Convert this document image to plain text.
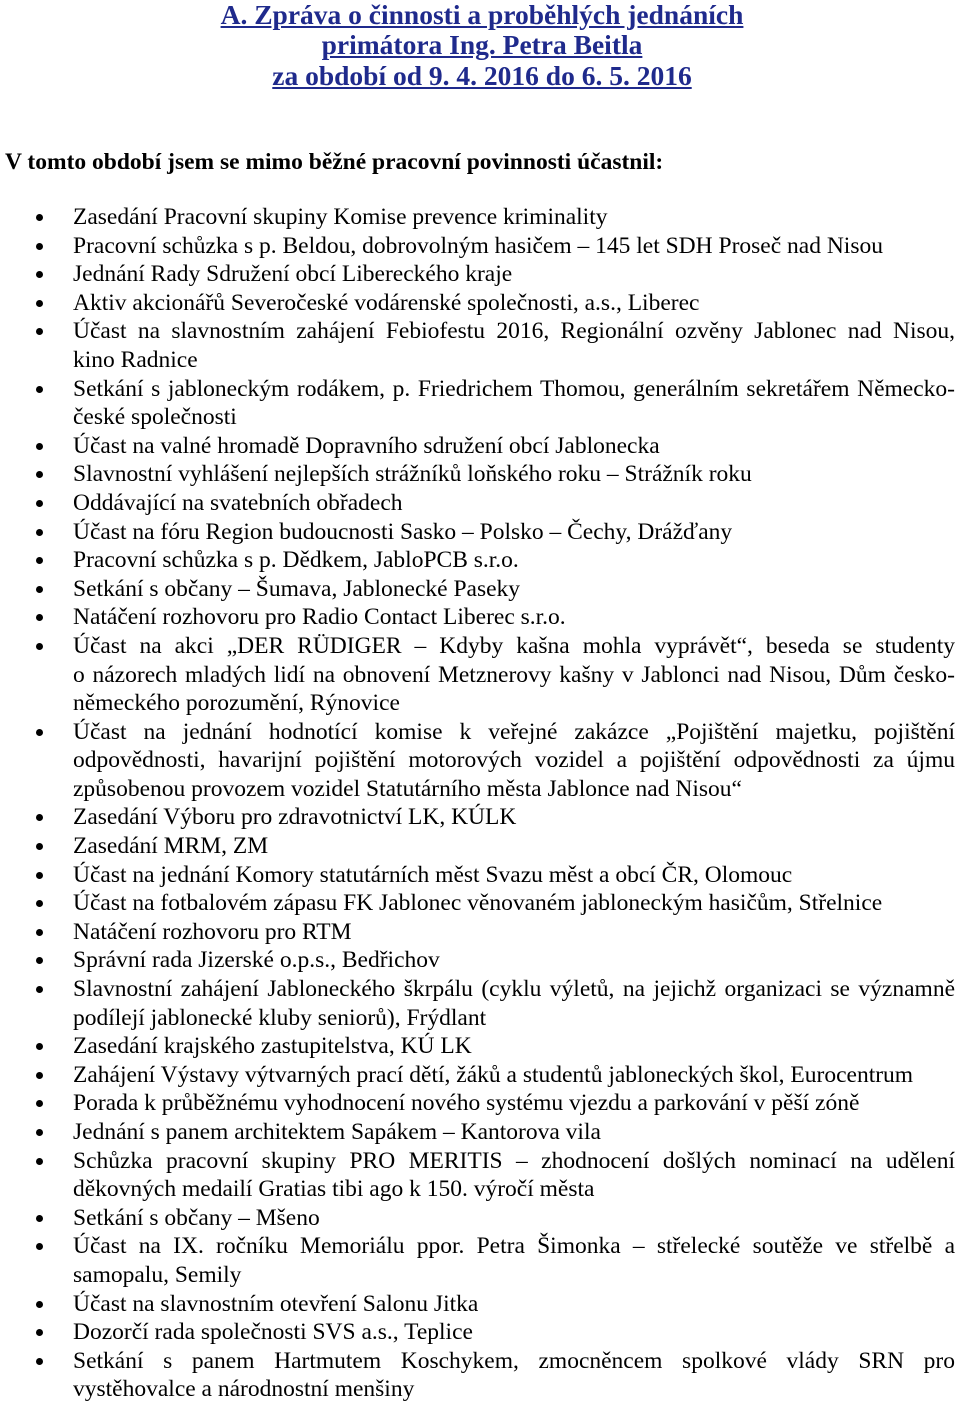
A. Zpráva o činnosti a proběhlých jednáních
primátora Ing. Petra Beitla
za období od 9. 4. 2016 do 6. 5. 2016
V tomto období jsem se mimo běžné pracovní povinnosti účastnil:
Zasedání Pracovní skupiny Komise prevence kriminality
Pracovní schůzka s p. Beldou, dobrovolným hasičem – 145 let SDH Proseč nad Nisou
Jednání Rady Sdružení obcí Libereckého kraje
Aktiv akcionářů Severočeské vodárenské společnosti, a.s., Liberec
Účast na slavnostním zahájení Febiofestu 2016, Regionální ozvěny Jablonec nad Nisou,
kino Radnice
Setkání s jabloneckým rodákem, p. Friedrichem Thomou, generálním sekretářem Německo-
české společnosti
Účast na valné hromadě Dopravního sdružení obcí Jablonecka
Slavnostní vyhlášení nejlepších strážníků loňského roku – Strážník roku
Oddávající na svatebních obřadech
Účast na fóru Region budoucnosti Sasko – Polsko – Čechy, Drážďany
Pracovní schůzka s p. Dědkem, JabloPCB s.r.o.
Setkání s občany – Šumava, Jablonecké Paseky
Natáčení rozhovoru pro Radio Contact Liberec s.r.o.
Účast na akci „DER RÜDIGER – Kdyby kašna mohla vyprávět“, beseda se studenty
o názorech mladých lidí na obnovení Metznerovy kašny v Jablonci nad Nisou, Dům česko-
německého porozumění, Rýnovice
Účast na jednání hodnotící komise k veřejné zakázce „Pojištění majetku, pojištění
odpovědnosti, havarijní pojištění motorových vozidel a pojištění odpovědnosti za újmu
způsobenou provozem vozidel Statutárního města Jablonce nad Nisou“
Zasedání Výboru pro zdravotnictví LK, KÚLK
Zasedání MRM, ZM
Účast na jednání Komory statutárních měst Svazu měst a obcí ČR, Olomouc
Účast na fotbalovém zápasu FK Jablonec věnovaném jabloneckým hasičům, Střelnice
Natáčení rozhovoru pro RTM
Správní rada Jizerské o.p.s., Bedřichov
Slavnostní zahájení Jabloneckého škrpálu (cyklu výletů, na jejichž organizaci se významně
podílejí jablonecké kluby seniorů), Frýdlant
Zasedání krajského zastupitelstva, KÚ LK
Zahájení Výstavy výtvarných prací dětí, žáků a studentů jabloneckých škol, Eurocentrum
Porada k průběžnému vyhodnocení nového systému vjezdu a parkování v pěší zóně
Jednání s panem architektem Sapákem – Kantorova vila
Schůzka pracovní skupiny PRO MERITIS – zhodnocení došlých nominací na udělení
děkovných medailí Gratias tibi ago k 150. výročí města
Setkání s občany – Mšeno
Účast na IX. ročníku Memoriálu ppor. Petra Šimonka – střelecké soutěže ve střelbě a
samopalu, Semily
Účast na slavnostním otevření Salonu Jitka
Dozorčí rada společnosti SVS a.s., Teplice
Setkání s panem Hartmutem Koschykem, zmocněncem spolkové vlády SRN pro
vystěhovalce a národnostní menšiny
